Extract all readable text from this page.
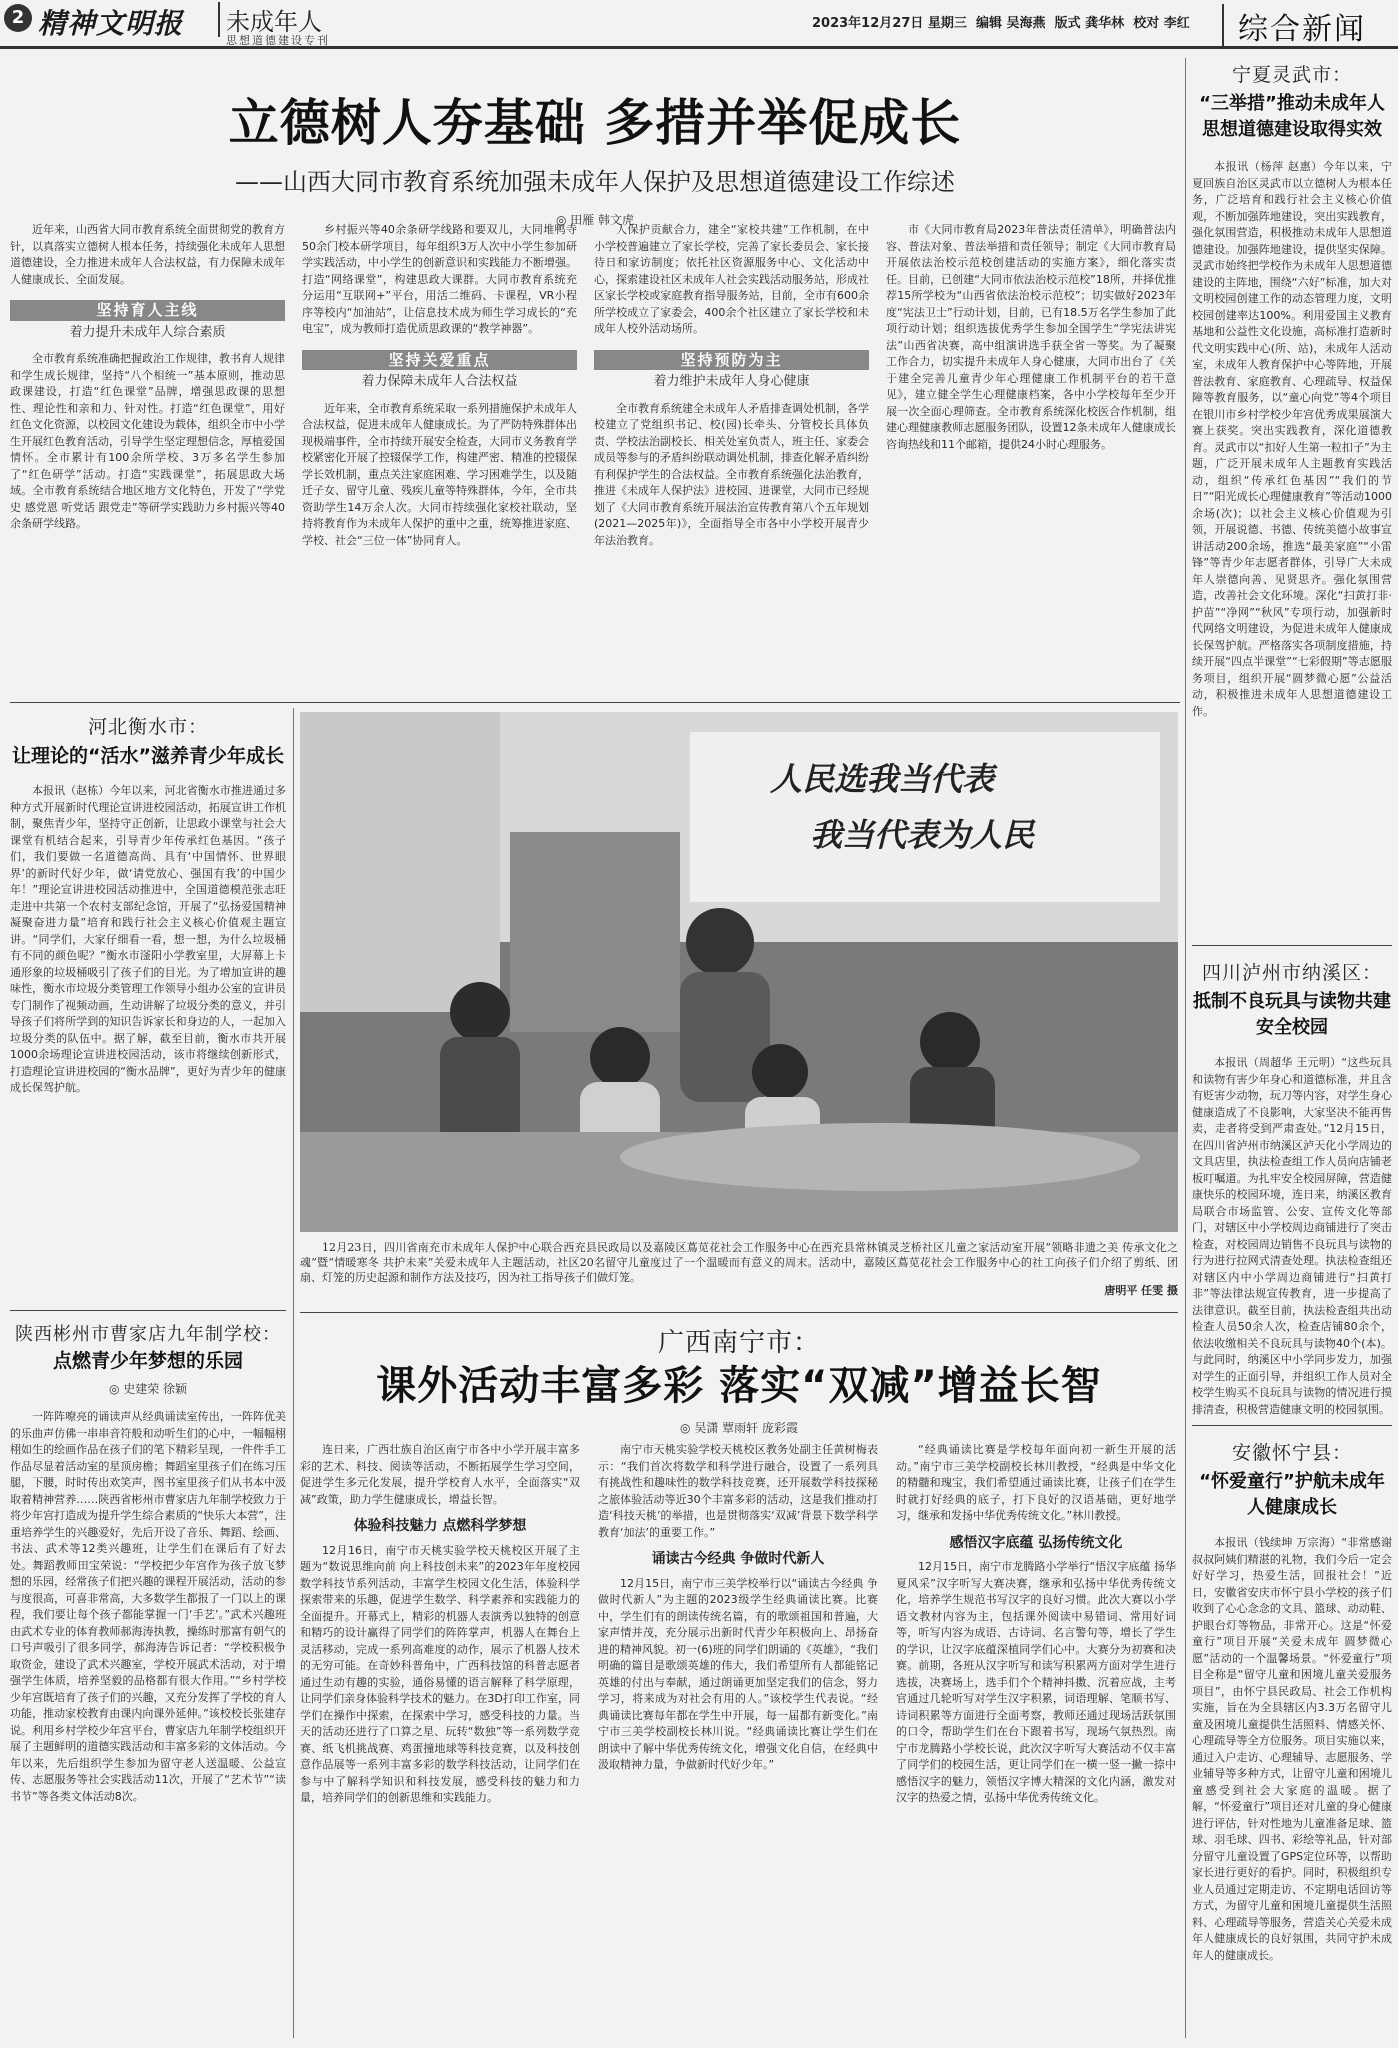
2 精神文明报	未成年人
思想道德建设专刊
2023年12月27日 星期三 编辑 吴海燕 版式 龚华林 校对 李红	综合新闻
立德树人夯基础 多措并举促成长
——山西大同市教育系统加强未成年人保护及思想道德建设工作综述
◎ 田雁 韩文虎

近年来，山西省大同市教育系统全面贯彻党的教育方针，以真落实立德树人根本任务，持续强化未成年人思想道德建设，全力推进未成年人合法权益，有力保障未成年人健康成长、全面发展。

坚持育人主线
着力提升未成年人综合素质

全市教育系统准确把握政治工作规律，教书育人规律和学生成长规律，坚持“八个相统一”基本原则，推动思政课建设，打造“红色课堂”品牌，增强思政课的思想性、理论性和亲和力、针对性。打造“红色课堂”，用好红色文化资源，以校园文化建设为载体，组织全市中小学生开展红色教育活动，引导学生坚定理想信念，厚植爱国情怀。全市累计有100余所学校、3万多名学生参加了“红色研学”活动。打造“实践课堂”，拓展思政大场域。全市教育系统结合地区地方文化特色，开发了“学党史 感党恩 听党话 跟党走”等研学实践助力乡村振兴等40余条研学线路。

乡村振兴等40余条研学线路和要双儿，大同堆鸭寺50余门校本研学项目，每年组织3万人次中小学生参加研学实践活动，中小学生的创新意识和实践能力不断增强。打造“网络课堂”，构建思政大课群。大同市教育系统充分运用“互联网+”平台，用活二维码、卡课程，VR小程序等校内“加油站”，让信息技术成为师生学习成长的“充电宝”，成为教师打造优质思政课的“教学神器”。

坚持关爱重点
着力保障未成年人合法权益

近年来，全市教育系统采取一系列措施保护未成年人合法权益，促进未成年人健康成长。为了严防特殊群体出现极端事件，全市持续开展安全检查，大同市义务教育学校紧密化开展了控辍保学工作，构建严密、精准的控辍保学长效机制，重点关注家庭困难、学习困难学生，以及随迁子女、留守儿童、残疾儿童等特殊群体，今年，全市共资助学生14万余人次。大同市持续强化家校社联动，坚持将教育作为未成年人保护的重中之重，统筹推进家庭、学校、社会“三位一体”协同育人。

人保护贡献合力，建全“家校共建”工作机制，在中小学校普遍建立了家长学校，完善了家长委员会、家长接待日和家访制度；依托社区资源服务中心、文化活动中心，探索建设社区未成年人社会实践活动服务站，形成社区家长学校或家庭教育指导服务站，目前，全市有600余所学校成立了家委会，400余个社区建立了家长学校和未成年人校外活动场所。

坚持预防为主
着力维护未成年人身心健康

全市教育系统建全未成年人矛盾排查调处机制，各学校建立了党组织书记、校(园)长牵头、分管校长具体负责、学校法治副校长、相关处室负责人，班主任、家委会成员等参与的矛盾纠纷联动调处机制，排查化解矛盾纠纷有利保护学生的合法权益。全市教育系统强化法治教育，推进《未成年人保护法》进校园、进课堂，大同市已经规划了《大同市教育系统开展法治宣传教育第八个五年规划(2021—2025年)》，全面指导全市各中小学校开展青少年法治教育。

市《大同市教育局2023年普法责任清单》，明确普法内容、普法对象、普法举措和责任领导；制定《大同市教育局开展依法治校示范校创建活动的实施方案》，细化落实责任。目前，已创建“大同市依法治校示范校”18所，并择优推荐15所学校为“山西省依法治校示范校”；切实做好2023年度“宪法卫士”行动计划，目前，已有18.5万名学生参加了此项行动计划；组织选拔优秀学生参加全国学生“学宪法讲宪法”山西省决赛，高中组演讲选手获全省一等奖。为了凝聚工作合力，切实提升未成年人身心健康，大同市出台了《关于建全完善儿童青少年心理健康工作机制平台的若干意见》，建立健全学生心理健康档案，各中小学校每年至少开展一次全面心理筛查。全市教育系统深化校医合作机制，组建心理健康教师志愿服务团队，设置12条未成年人健康成长咨询热线和11个邮箱，提供24小时心理服务。

宁夏灵武市：
“三举措”推动未成年人思想道德建设取得实效

本报讯（杨萍 赵惠）今年以来，宁夏回族自治区灵武市以立德树人为根本任务，广泛培育和践行社会主义核心价值观，不断加强阵地建设，突出实践教育，强化氛围营造，积极推动未成年人思想道德建设。加强阵地建设，提供坚实保障。灵武市始终把学校作为未成年人思想道德建设的主阵地，围绕“六好”标准，加大对文明校园创建工作的动态管理力度，文明校园创建率达100%。利用爱国主义教育基地和公益性文化设施，高标准打造新时代文明实践中心(所、站)，未成年人活动室，未成年人教育保护中心等阵地，开展普法教育、家庭教育、心理疏导、权益保障等教育服务，以“童心向党”等4个项目在银川市乡村学校少年宫优秀成果展演大赛上获奖。突出实践教育，深化道德教育。灵武市以“扣好人生第一粒扣子”为主题，广泛开展未成年人主题教育实践活动，组织“传承红色基因”“我们的节日”“阳光成长心理健康教育”等活动1000余场(次)；以社会主义核心价值观为引领，开展说德、书德、传统美德小故事宣讲活动200余场，推选“最美家庭”“小雷锋”等青少年志愿者群体，引导广大未成年人崇德向善、见贤思齐。强化氛围营造，改善社会文化环境。深化“扫黄打非·护苗”“净网”“秋风”专项行动，加强新时代网络文明建设，为促进未成年人健康成长保驾护航。严格落实各项制度措施，持续开展“四点半课堂”“七彩假期”等志愿服务项目，组织开展“圆梦微心愿”公益活动，积极推进未成年人思想道德建设工作。

四川泸州市纳溪区：
抵制不良玩具与读物共建安全校园

本报讯（周超华 王元明）“这些玩具和读物有害少年身心和道德标准，并且含有贬害少动物，玩刀等内容，对学生身心健康造成了不良影响，大家坚决不能再售卖，走者将受到严肃查处。”12月15日，在四川省泸州市纳溪区泸天化小学周边的文具店里，执法检查组工作人员向店铺老板叮嘱道。为扎牢安全校园屏障，营造健康快乐的校园环境，连日来，纳溪区教育局联合市场监管、公安、宣传文化等部门，对辖区中小学校周边商铺进行了突击检查，对校园周边销售不良玩具与读物的行为进行拉网式清查处理。执法检查组还对辖区内中小学周边商铺进行“扫黄打非”等法律法规宣传教育，进一步提高了法律意识。截至目前，执法检查组共出动检查人员50余人次，检查店铺80余个，依法收缴相关不良玩具与读物40个(本)。与此同时，纳溪区中小学同步发力，加强对学生的正面引导，并组织工作人员对全校学生购买不良玩具与读物的情况进行摸排清查，积极营造健康文明的校园氛围。

安徽怀宁县：
“怀爱童行”护航未成年人健康成长

本报讯（钱续坤 万宗海）“非常感谢叔叔阿姨们精湛的礼物，我们今后一定会好好学习，热爱生活，回报社会！”近日，安徽省安庆市怀宁县小学校的孩子们收到了心心念念的文具、篮球、动动鞋、护眼台灯等物品，非常开心。这是“怀爱童行”项目开展“关爱未成年 圆梦微心愿”活动的一个温馨场景。“怀爱童行”项目全称是“留守儿童和困境儿童关爱服务项目”，由怀宁县民政局、社会工作机构实施，旨在为全县辖区内3.3万名留守儿童及困境儿童提供生活照料、情感关怀、心理疏导等全方位服务。项目实施以来，通过入户走访、心理辅导、志愿服务、学业辅导等多种方式，让留守儿童和困境儿童感受到社会大家庭的温暖。据了解，“怀爱童行”项目还对儿童的身心健康进行评估，针对性地为儿童准备足球、篮球、羽毛球、四书、彩绘等礼品，针对部分留守儿童设置了GPS定位环等，以帮助家长进行更好的看护。同时，积极组织专业人员通过定期走访、不定期电话回访等方式，为留守儿童和困境儿童提供生活照料、心理疏导等服务，营造关心关爱未成年人健康成长的良好氛围，共同守护未成年人的健康成长。

河北衡水市：
让理论的“活水”滋养青少年成长

本报讯（赵栋）今年以来，河北省衡水市推进通过多种方式开展新时代理论宣讲进校园活动，拓展宣讲工作机制，聚焦青少年，坚持守正创新，让思政小课堂与社会大课堂有机结合起来，引导青少年传承红色基因。“孩子们，我们要做一名道德高尚、具有‘中国情怀、世界眼界’的新时代好少年，做‘请党放心、强国有我’的中国少年！”理论宣讲进校园活动推进中，全国道德模范张志旺走进中共第一个农村支部纪念馆，开展了“弘扬爱国精神 凝聚奋进力量”培育和践行社会主义核心价值观主题宣讲。“同学们，大家仔细看一看，想一想，为什么垃圾桶有不同的颜色呢？”衡水市滏阳小学教室里，大屏幕上卡通形象的垃圾桶吸引了孩子们的目光。为了增加宣讲的趣味性，衡水市垃圾分类管理工作领导小组办公室的宣讲员专门制作了视频动画，生动讲解了垃圾分类的意义，并引导孩子们将所学到的知识告诉家长和身边的人，一起加入垃圾分类的队伍中。据了解，截至目前，衡水市共开展1000余场理论宣讲进校园活动，该市将继续创新形式，打造理论宣讲进校园的“衡水品牌”，更好为青少年的健康成长保驾护航。

陕西彬州市曹家店九年制学校：
点燃青少年梦想的乐园
◎ 史建荣 徐颖

一阵阵嘹亮的诵读声从经典诵读室传出，一阵阵优美的乐曲声仿佛一串串音符般和动听生们的心中，一幅幅栩栩如生的绘画作品在孩子们的笔下精彩呈现，一件件手工作品尽显着活动室的星顶房檐；舞蹈室里孩子们在练习压腿，下腰，时时传出欢笑声，图书室里孩子们从书本中汲取着精神营养……陕西省彬州市曹家店九年制学校致力于将少年宫打造成为提升学生综合素质的“快乐大本营”，注重培养学生的兴趣爱好，先后开设了音乐、舞蹈、绘画、书法、武术等12类兴趣班，让学生们在课后有了好去处。舞蹈教师田宝荣说：“学校把少年宫作为孩子放飞梦想的乐园，经常孩子们把兴趣的课程开展活动，活动的参与度很高，可喜非常高，大多数学生都报了一门以上的课程，我们要让每个孩子都能掌握一门‘手艺’。”武术兴趣班由武术专业的体育教师郝海涛执教，操练时那富有朝气的口号声吸引了很多同学，郝海涛告诉记者：“学校积极争取资金，建设了武术兴趣室，学校开展武术活动，对于增强学生体质，培养坚毅的品格都有很大作用。”“乡村学校少年宫既培育了孩子们的兴趣，又充分发挥了学校的育人功能，推动家校教育由课内向课外延伸。”该校校长张建存说。利用乡村学校少年宫平台，曹家店九年制学校组织开展了主题鲜明的道德实践活动和丰富多彩的文体活动。今年以来，先后组织学生参加为留守老人送温暖、公益宣传、志愿服务等社会实践活动11次，开展了“艺术节”“读书节”等各类文体活动8次。

人民选我当代表
我当代表为人民

12月23日，四川省南充市未成年人保护中心联合西充县民政局以及嘉陵区蔦苋花社会工作服务中心在西充县常林镇灵芝桥社区儿童之家活动室开展“领略非遗之美 传承文化之魂”暨“情暖寒冬 共护未来”关爱未成年人主题活动，社区20名留守儿童度过了一个温暖而有意义的周末。活动中，嘉陵区蔦苋花社会工作服务中心的社工向孩子们介绍了剪纸、团扇、灯笼的历史起源和制作方法及技巧，因为社工指导孩子们做灯笼。

唐明平 任雯 摄
广西南宁市：
课外活动丰富多彩 落实“双减”增益长智
◎ 吴潇 覃雨轩 庞彩霞

连日来，广西壮族自治区南宁市各中小学开展丰富多彩的艺术、科技、阅读等活动，不断拓展学生学习空间，促进学生多元化发展，提升学校育人水平，全面落实“双减”政策，助力学生健康成长，增益长智。

体验科技魅力 点燃科学梦想

12月16日，南宁市天桃实验学校天桃校区开展了主题为“数说思维向前 向上科技创未来”的2023年年度校园数学科技节系列活动，丰富学生校园文化生活，体验科学探索带来的乐趣，促进学生数学、科学素养和实践能力的全面提升。开幕式上，精彩的机器人表演秀以独特的创意和精巧的设计赢得了同学们的阵阵掌声，机器人在舞台上灵活移动，完成一系列高难度的动作，展示了机器人技术的无穷可能。在奇妙科普角中，广西科技馆的科普志愿者通过生动有趣的实验，通俗易懂的语言解释了科学原理，让同学们亲身体验科学技术的魅力。在3D打印工作室，同学们在操作中探索，在探索中学习，感受科技的力量。当天的活动还进行了口算之星、玩转“数独”等一系列数学竞赛、纸飞机挑战赛、鸡蛋撞地球等科技竞赛，以及科技创意作品展等一系列丰富多彩的数学科技活动，让同学们在参与中了解科学知识和科技发展，感受科技的魅力和力量，培养同学们的创新思维和实践能力。

南宁市天桃实验学校天桃校区教务处副主任黄树梅表示：“我们首次将数学和科学进行融合，设置了一系列具有挑战性和趣味性的数学科技竞赛，还开展数学科技探秘之旅体验活动等近30个丰富多彩的活动，这是我们推动打造‘科技天桃’的举措，也是贯彻落实‘双减’背景下数学科学教育‘加法’的重要工作。”

诵读古今经典 争做时代新人

12月15日，南宁市三美学校举行以“诵读古今经典 争做时代新人”为主题的2023级学生经典诵读比赛。比赛中，学生们有的朗读传统名篇，有的歌颂祖国和普遍，大家声情并茂，充分展示出新时代青少年积极向上、昂扬奋进的精神风貌。初一(6)班的同学们朗诵的《英雄》，“我们明确的篇目是歌颂英雄的伟大，我们希望所有人都能铭记英雄的付出与奉献，通过朗诵更加坚定我们的信念，努力学习，将来成为对社会有用的人。”该校学生代表说。“经典诵读比赛每年都在学生中开展，每一届都有新变化。”南宁市三美学校副校长林川说。“经典诵读比赛让学生们在朗读中了解中华优秀传统文化，增强文化自信，在经典中汲取精神力量，争做新时代好少年。”

“经典诵读比赛是学校每年面向初一新生开展的活动。”南宁市三美学校副校长林川教授，“经典是中华文化的精髓和瑰宝，我们希望通过诵读比赛，让孩子们在学生时就打好经典的底子，打下良好的汉语基础，更好地学习，继承和发扬中华优秀传统文化。”林川教授。

感悟汉字底蕴 弘扬传统文化

12月15日，南宁市龙腾路小学举行“悟汉字底蕴 扬华夏风采”汉字听写大赛决赛，继承和弘扬中华优秀传统文化，培养学生规范书写汉字的良好习惯。此次大赛以小学语文教材内容为主，包括课外阅读中易错词、常用好词等，听写内容为成语、古诗词、名言警句等，增长了学生的学识，让汉字底蕴深植同学们心中。大赛分为初赛和决赛。前期，各班从汉字听写和读写积累两方面对学生进行选拔，决赛场上，选手们个个精神抖擞、沉着应战，主考官通过几轮听写对学生汉字积累，词语理解、笔顺书写、诗词积累等方面进行全面考察，教师还通过现场活跃氛围的口令，帮助学生们在台下跟着书写，现场气氛热烈。南宁市龙腾路小学校长说，此次汉字听写大赛活动不仅丰富了同学们的校园生活，更让同学们在一横一竖一撇一捺中感悟汉字的魅力，领悟汉字博大精深的文化内涵，激发对汉字的热爱之情，弘扬中华优秀传统文化。
